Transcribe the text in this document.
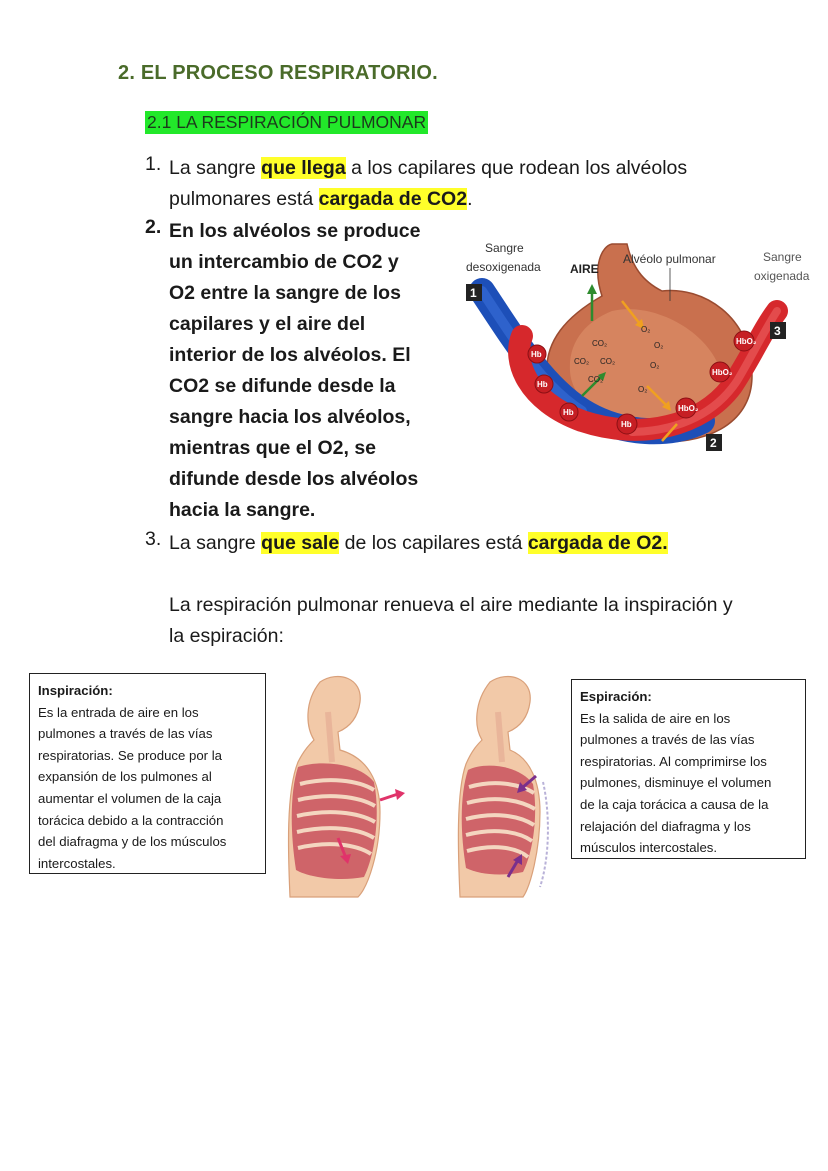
2. EL PROCESO RESPIRATORIO.
2.1 LA RESPIRACIÓN PULMONAR
1. La sangre que llega a los capilares que rodean los alvéolos
pulmonares está cargada de CO2.
2. En los alvéolos se produce
un intercambio de CO2 y
O2 entre la sangre de los
capilares y el aire del
interior de los alvéolos. El
CO2 se difunde desde la
sangre hacia los alvéolos,
mientras que el O2, se
difunde desde los alvéolos
hacia la sangre.
Sangre
desoxigenada AIRE
Alvéolo pulmonar	Sangre
oxigenada
1
3
2
Hb
Hb
Hb
Hb
HbO₂
HbO₂
HbO₂
CO₂
CO₂ CO₂
CO₂
O₂
O₂
O₂
O₂
CO₂ O₂
3. La sangre que sale de los capilares está cargada de O2.
La respiración pulmonar renueva el aire mediante la inspiración y
la espiración:
Inspiración:
Es la entrada de aire en los
pulmones a través de las vías
respiratorias. Se produce por la
expansión de los pulmones al
aumentar el volumen de la caja
torácica debido a la contracción
del diafragma y de los músculos
intercostales.
Espiración:
Es la salida de aire en los
pulmones a través de las vías
respiratorias. Al comprimirse los
pulmones, disminuye el volumen
de la caja torácica a causa de la
relajación del diafragma y los
músculos intercostales.
